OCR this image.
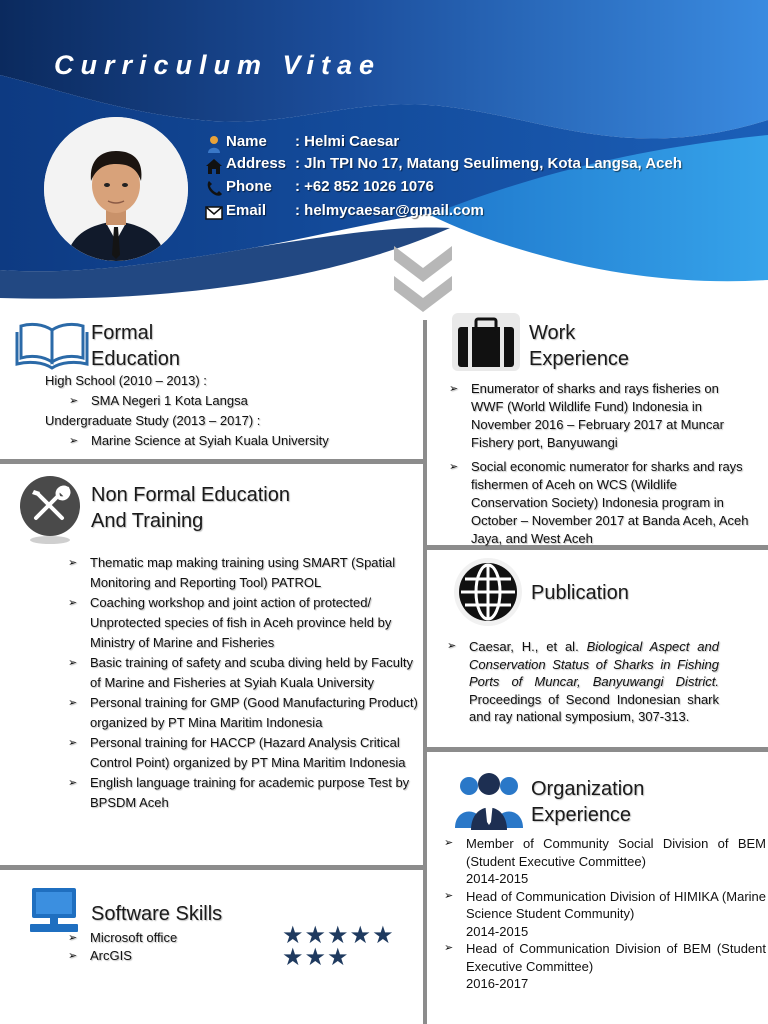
Curriculum Vitae
Name : Helmi Caesar
Address : Jln TPI No 17, Matang Seulimeng, Kota Langsa, Aceh
Phone : +62 852 1026 1076
Email : helmycaesar@gmail.com
Formal
Education
High School (2010 – 2013) :
➢ SMA Negeri 1 Kota Langsa
Undergraduate Study (2013 – 2017) :
➢ Marine Science at Syiah Kuala University
Non Formal Education
And Training
➢ Thematic map making training using SMART (Spatial Monitoring and Reporting Tool) PATROL
➢ Coaching workshop and joint action of protected/ Unprotected species of fish in Aceh province held by Ministry of Marine and Fisheries
➢ Basic training of safety and scuba diving held by Faculty of Marine and Fisheries at Syiah Kuala University
➢ Personal training for GMP (Good Manufacturing Product) organized by PT Mina Maritim Indonesia
➢ Personal training for HACCP (Hazard Analysis Critical Control Point) organized by PT Mina Maritim Indonesia
➢ English language training for academic purpose Test by BPSDM Aceh
Software Skills
➢ Microsoft office
➢ ArcGIS
★★★★★
★★★
Work
Experience
➢ Enumerator of sharks and rays fisheries on WWF (World Wildlife Fund) Indonesia in November 2016 – February 2017 at Muncar Fishery port, Banyuwangi
➢ Social economic numerator for sharks and rays fishermen of Aceh on WCS (Wildlife Conservation Society) Indonesia program in October – November 2017 at Banda Aceh, Aceh Jaya, and West Aceh
Publication
➢ Caesar, H., et al. Biological Aspect and Conservation Status of Sharks in Fishing Ports of Muncar, Banyuwangi District. Proceedings of Second Indonesian shark and ray national symposium, 307-313.
Organization
Experience
➢ Member of Community Social Division of BEM (Student Executive Committee)
2014-2015
➢ Head of Communication Division of HIMIKA (Marine Science Student Community)
2014-2015
➢ Head of Communication Division of BEM (Student Executive Committee)
2016-2017
